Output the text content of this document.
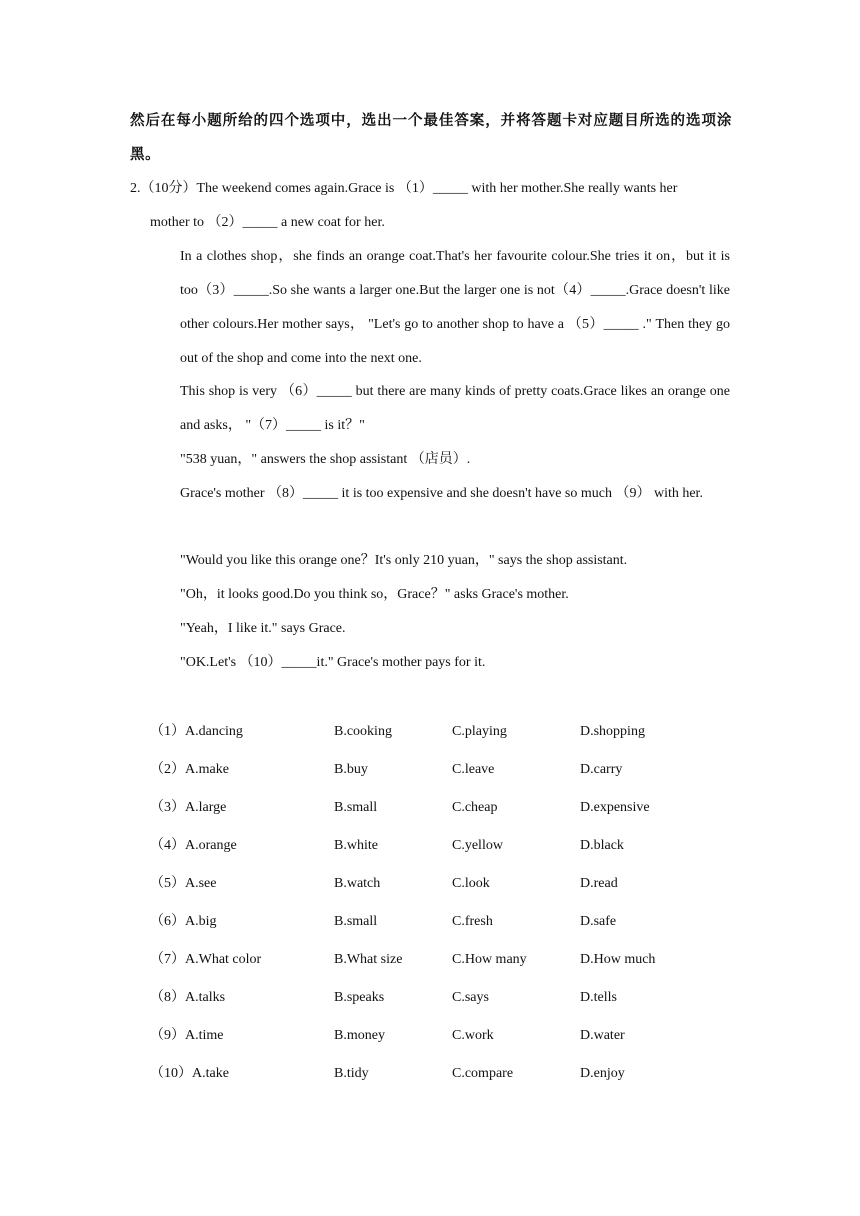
然后在每小题所给的四个选项中，选出一个最佳答案，并将答题卡对应题目所选的选项涂黑。
2.（10分）The weekend comes again.Grace is （1）_____ with her mother.She really wants her
mother to （2）_____ a new coat for her.
In a clothes shop，she finds an orange coat.That's her favourite colour.She tries it on，but it is too（3）_____.So she wants a larger one.But the larger one is not（4）_____.Grace doesn't like other colours.Her mother says， "Let's go to another shop to have a （5）_____ ." Then they go out of the shop and come into the next one.
This shop is very （6）_____ but there are many kinds of pretty coats.Grace likes an orange one and asks， "（7）_____ is it？"
"538 yuan，" answers the shop assistant （店员）.
Grace's mother （8）_____ it is too expensive and she doesn't have so much （9） with her.
"Would you like this orange one？It's only 210 yuan，" says the shop assistant.
"Oh，it looks good.Do you think so，Grace？" asks Grace's mother.
"Yeah，I like it." says Grace.
"OK.Let's （10）_____it." Grace's mother pays for it.
（1）A.dancing	B.cooking	C.playing	D.shopping
（2）A.make	B.buy	C.leave	D.carry
（3）A.large	B.small	C.cheap	D.expensive
（4）A.orange	B.white	C.yellow	D.black
（5）A.see	B.watch	C.look	D.read
（6）A.big	B.small	C.fresh	D.safe
（7）A.What color	B.What size	C.How many	D.How much
（8）A.talks	B.speaks	C.says	D.tells
（9）A.time	B.money	C.work	D.water
（10）A.take	B.tidy	C.compare	D.enjoy
